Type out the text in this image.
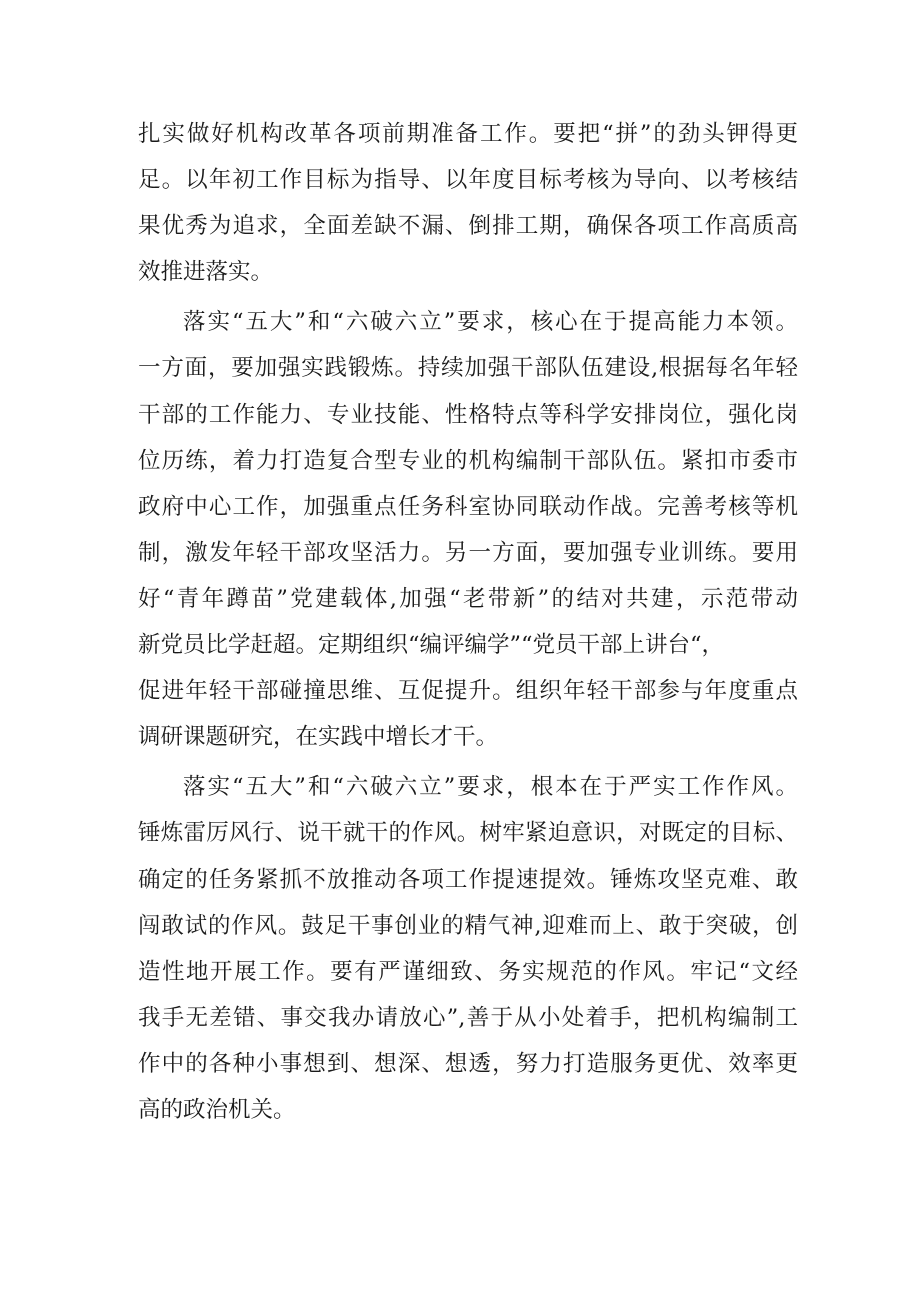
扎实做好机构改革各项前期准备工作。要把“拼”的劲头钾得更
足。以年初工作目标为指导、以年度目标考核为导向、以考核结
果优秀为追求，全面差缺不漏、倒排工期，确保各项工作高质高
效推进落实。
落实“五大”和“六破六立”要求，核心在于提高能力本领。
一方面，要加强实践锻炼。持续加强干部队伍建设,根据每名年轻
干部的工作能力、专业技能、性格特点等科学安排岗位，强化岗
位历练，着力打造复合型专业的机构编制干部队伍。紧扣市委市
政府中心工作，加强重点任务科室协同联动作战。完善考核等机
制，激发年轻干部攻坚活力。另一方面，要加强专业训练。要用
好“青年蹲苗”党建载体,加强“老带新”的结对共建，示范带动
新党员比学赶超。定期组织“编评编学”“党员干部上讲台“，
促进年轻干部碰撞思维、互促提升。组织年轻干部参与年度重点
调研课题研究，在实践中增长才干。
落实“五大”和“六破六立”要求，根本在于严实工作作风。
锤炼雷厉风行、说干就干的作风。树牢紧迫意识，对既定的目标、
确定的任务紧抓不放推动各项工作提速提效。锤炼攻坚克难、敢
闯敢试的作风。鼓足干事创业的精气神,迎难而上、敢于突破，创
造性地开展工作。要有严谨细致、务实规范的作风。牢记“文经
我手无差错、事交我办请放心”,善于从小处着手，把机构编制工
作中的各种小事想到、想深、想透，努力打造服务更优、效率更
高的政治机关。
